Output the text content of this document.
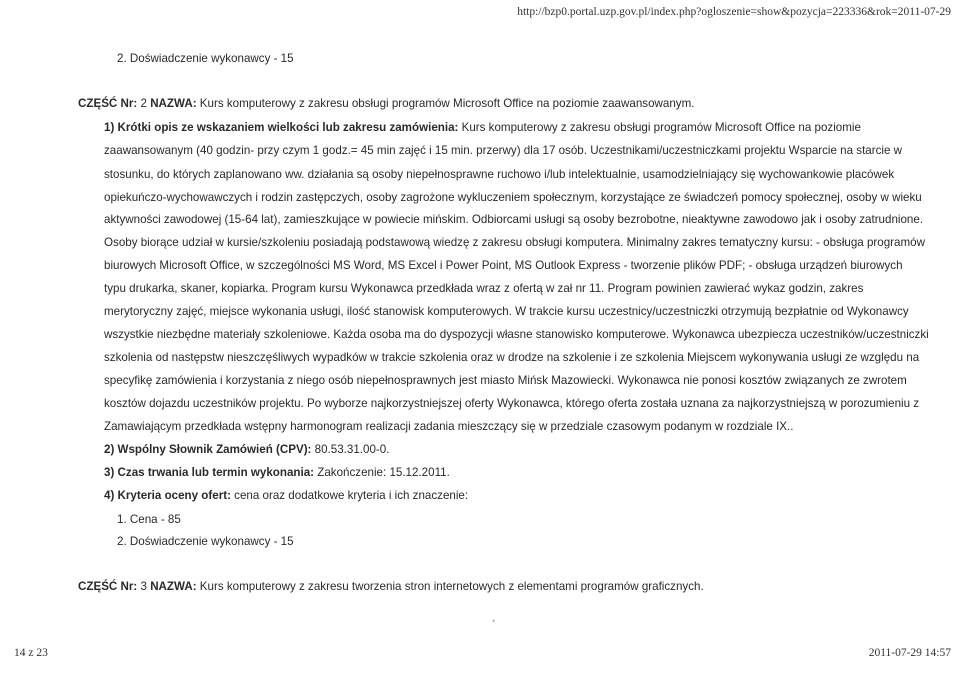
http://bzp0.portal.uzp.gov.pl/index.php?ogloszenie=show&pozycja=223336&rok=2011-07-29
2. Doświadczenie wykonawcy - 15
CZĘŚĆ Nr: 2 NAZWA: Kurs komputerowy z zakresu obsługi programów Microsoft Office na poziomie zaawansowanym.
1) Krótki opis ze wskazaniem wielkości lub zakresu zamówienia: Kurs komputerowy z zakresu obsługi programów Microsoft Office na poziomie
zaawansowanym (40 godzin- przy czym 1 godz.= 45 min zajęć i 15 min. przerwy) dla 17 osób. Uczestnikami/uczestniczkami projektu Wsparcie na starcie w
stosunku, do których zaplanowano ww. działania są osoby niepełnosprawne ruchowo i/lub intelektualnie, usamodzielniający się wychowankowie placówek
opiekuńczo-wychowawczych i rodzin zastępczych, osoby zagrożone wykluczeniem społecznym, korzystające ze świadczeń pomocy społecznej, osoby w wieku
aktywności zawodowej (15-64 lat), zamieszkujące w powiecie mińskim. Odbiorcami usługi są osoby bezrobotne, nieaktywne zawodowo jak i osoby zatrudnione.
Osoby biorące udział w kursie/szkoleniu posiadają podstawową wiedzę z zakresu obsługi komputera. Minimalny zakres tematyczny kursu: - obsługa programów
biurowych Microsoft Office, w szczególności MS Word, MS Excel i Power Point, MS Outlook Express - tworzenie plików PDF; - obsługa urządzeń biurowych
typu drukarka, skaner, kopiarka. Program kursu Wykonawca przedkłada wraz z ofertą w zał nr 11. Program powinien zawierać wykaz godzin, zakres
merytoryczny zajęć, miejsce wykonania usługi, ilość stanowisk komputerowych. W trakcie kursu uczestnicy/uczestniczki otrzymują bezpłatnie od Wykonawcy
wszystkie niezbędne materiały szkoleniowe. Każda osoba ma do dyspozycji własne stanowisko komputerowe. Wykonawca ubezpiecza uczestników/uczestniczki
szkolenia od następstw nieszczęśliwych wypadków w trakcie szkolenia oraz w drodze na szkolenie i ze szkolenia Miejscem wykonywania usługi ze względu na
specyfikę zamówienia i korzystania z niego osób niepełnosprawnych jest miasto Mińsk Mazowiecki. Wykonawca nie ponosi kosztów związanych ze zwrotem
kosztów dojazdu uczestników projektu. Po wyborze najkorzystniejszej oferty Wykonawca, którego oferta została uznana za najkorzystniejszą w porozumieniu z
Zamawiającym przedkłada wstępny harmonogram realizacji zadania mieszczący się w przedziale czasowym podanym w rozdziale IX..
2) Wspólny Słownik Zamówień (CPV): 80.53.31.00-0.
3) Czas trwania lub termin wykonania: Zakończenie: 15.12.2011.
4) Kryteria oceny ofert: cena oraz dodatkowe kryteria i ich znaczenie:
1. Cena - 85
2. Doświadczenie wykonawcy - 15
CZĘŚĆ Nr: 3 NAZWA: Kurs komputerowy z zakresu tworzenia stron internetowych z elementami programów graficznych.
•
14 z 23	2011-07-29 14:57
